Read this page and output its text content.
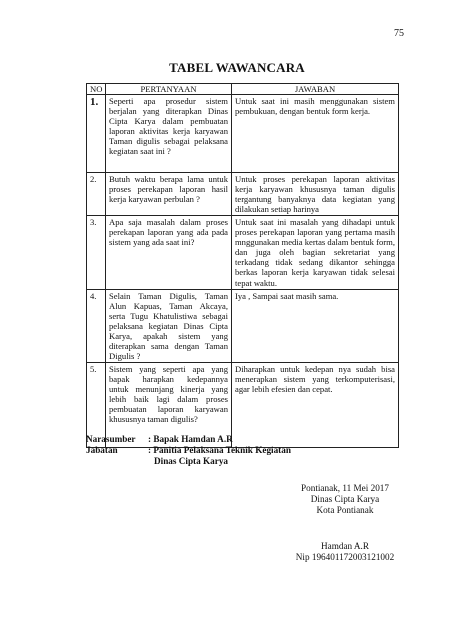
75
TABEL WAWANCARA
NO	PERTANYAAN	JAWABAN
1.	Seperti apa prosedur sistem berjalan yang diterapkan Dinas Cipta Karya dalam pembuatan laporan aktivitas kerja karyawan Taman digulis sebagai pelaksana kegiatan saat ini ?	Untuk saat ini masih menggunakan sistem pembukuan, dengan bentuk form kerja.
2.	Butuh waktu berapa lama untuk proses perekapan laporan hasil kerja karyawan perbulan ?	Untuk proses perekapan laporan aktivitas kerja karyawan khususnya taman digulis tergantung banyaknya data kegiatan yang dilakukan setiap harinya
3.	Apa saja masalah dalam proses perekapan laporan yang ada pada sistem yang ada saat ini?	Untuk saat ini masalah yang dihadapi untuk proses perekapan laporan yang pertama masih mnggunakan media kertas dalam bentuk form, dan juga oleh bagian sekretariat yang terkadang tidak sedang dikantor sehingga berkas laporan kerja karyawan tidak selesai tepat waktu.
4.	Selain Taman Digulis, Taman Alun Kapuas, Taman Akcaya, serta Tugu Khatulistiwa sebagai pelaksana kegiatan Dinas Cipta Karya, apakah sistem yang diterapkan sama dengan Taman Digulis ?	Iya , Sampai saat masih sama.
5.	Sistem yang seperti apa yang bapak harapkan kedepannya untuk menunjang kinerja yang lebih baik lagi dalam proses pembuatan laporan karyawan khususnya taman digulis?	Diharapkan untuk kedepan nya sudah bisa menerapkan sistem yang terkomputerisasi, agar lebih efesien dan cepat.
Narasumber	: Bapak Hamdan A.R
Jabatan	: Panitia Pelaksana Teknik Kegiatan
Dinas Cipta Karya
Pontianak, 11 Mei 2017
Dinas Cipta Karya
Kota Pontianak
Hamdan A.R
Nip 196401172003121002
